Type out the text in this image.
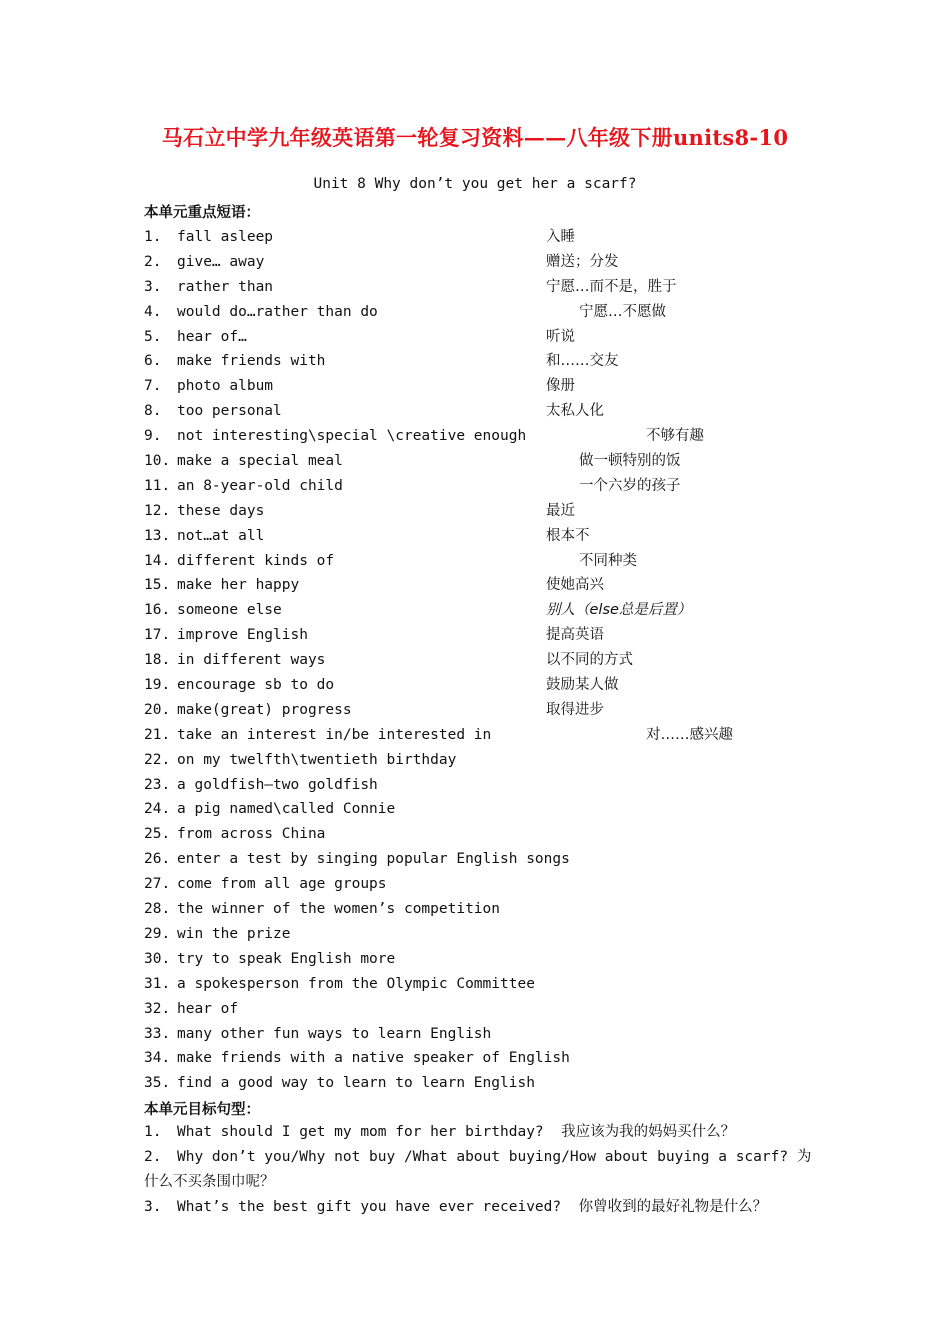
马石立中学九年级英语第一轮复习资料——八年级下册units8-10
Unit 8 Why don’t you get her a scarf?
本单元重点短语：
1. fall asleep	入睡
2. give… away	赠送；分发
3. rather than	宁愿…而不是，胜于
4. would do…rather than do	宁愿…不愿做
5. hear of…	听说
6. make friends with	和……交友
7. photo album	像册
8. too personal	太私人化
9. not interesting\special \creative enough	不够有趣
10. make a special meal	做一顿特别的饭
11. an 8-year-old child	一个六岁的孩子
12. these days	最近
13. not…at all	根本不
14. different kinds of	不同种类
15. make her happy	使她高兴
16. someone else	别人（else总是后置）
17. improve English	提高英语
18. in different ways	以不同的方式
19. encourage sb to do	鼓励某人做
20. make(great) progress	取得进步
21. take an interest in/be interested in	对……感兴趣
22. on my twelfth\twentieth birthday
23. a goldfish—two goldfish
24. a pig named\called Connie
25. from across China
26. enter a test by singing popular English songs
27. come from all age groups
28. the winner of the women’s competition
29. win the prize
30. try to speak English more
31. a spokesperson from the Olympic Committee
32. hear of
33. many other fun ways to learn English
34. make friends with a native speaker of English
35. find a good way to learn to learn English
本单元目标句型：
1.	What should I get my mom for her birthday? 我应该为我的妈妈买什么？
2.	Why don’t you/Why not buy /What about buying/How about buying a scarf? 为什么不买条围巾呢？
3.	What’s the best gift you have ever received? 你曾收到的最好礼物是什么？
